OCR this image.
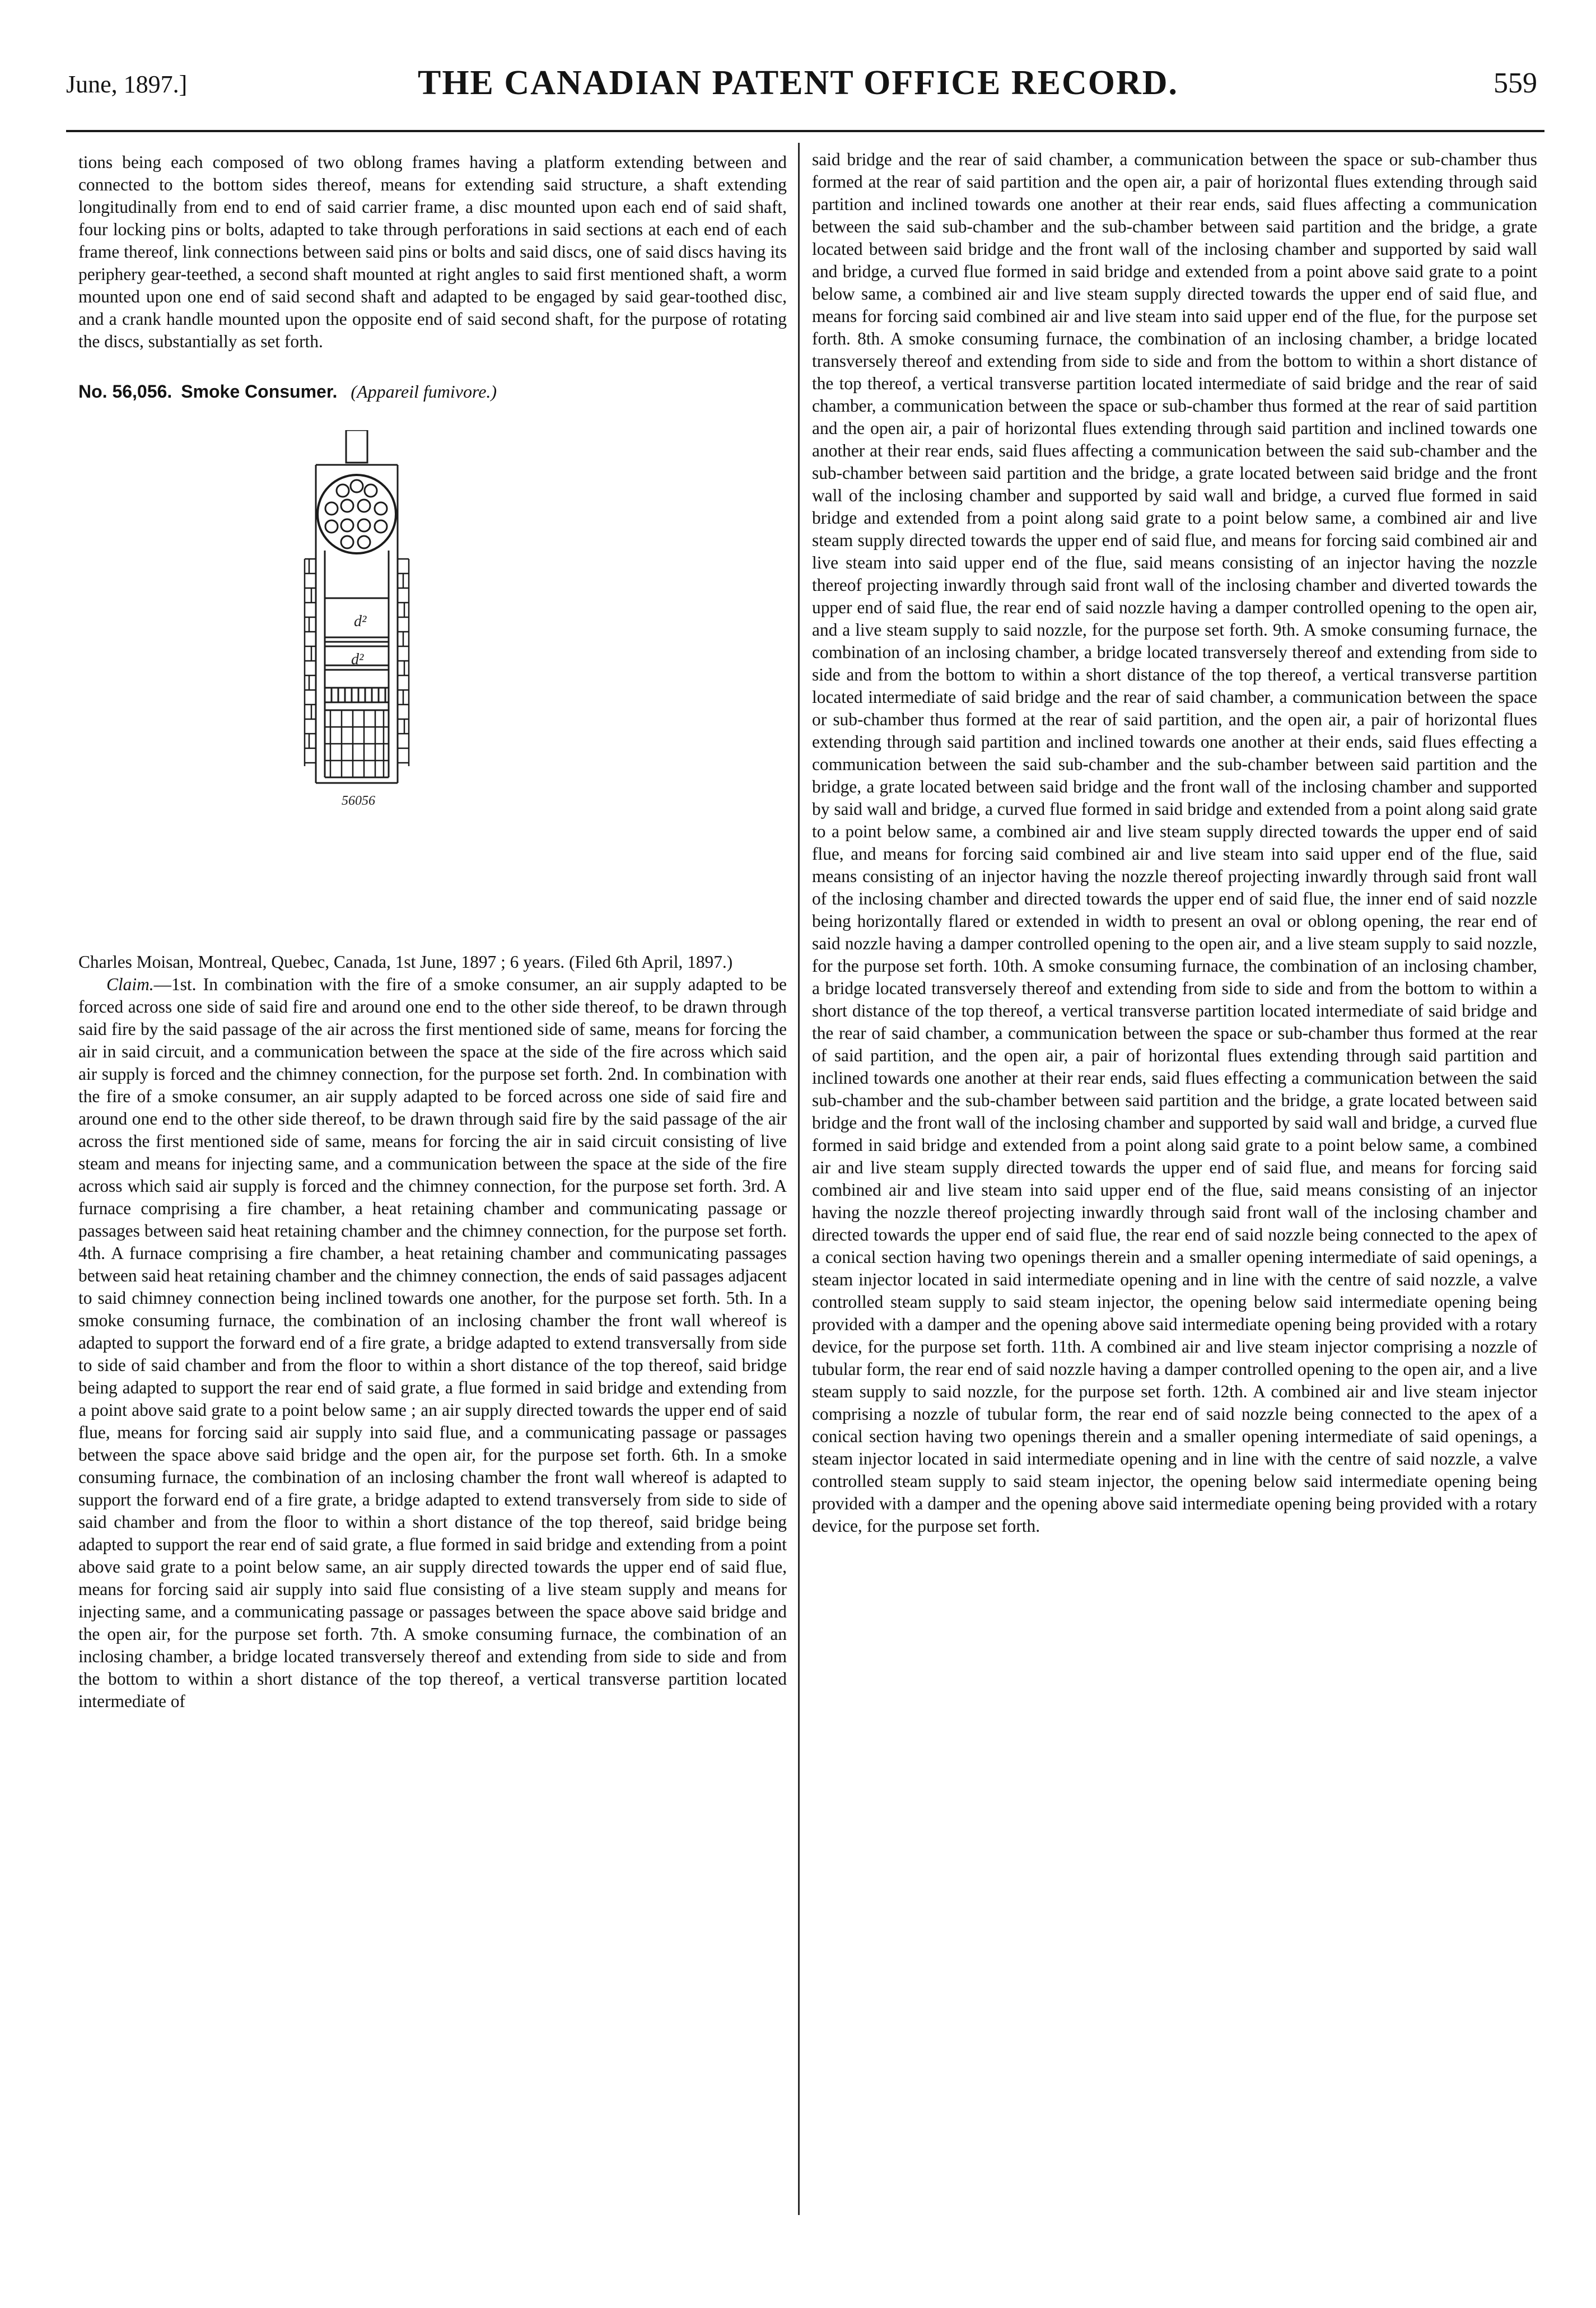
June, 1897.]	THE CANADIAN PATENT OFFICE RECORD.	559

tions being each composed of two oblong frames having a platform extending between and connected to the bottom sides thereof, means for extending said structure, a shaft extending longitudinally from end to end of said carrier frame, a disc mounted upon each end of said shaft, four locking pins or bolts, adapted to take through perforations in said sections at each end of each frame thereof, link connections between said pins or bolts and said discs, one of said discs having its periphery gear-teethed, a second shaft mounted at right angles to said first mentioned shaft, a worm mounted upon one end of said second shaft and adapted to be engaged by said gear-toothed disc, and a crank handle mounted upon the opposite end of said second shaft, for the purpose of rotating the discs, substantially as set forth.

No. 56,056. Smoke Consumer. (Appareil fumivore.)

d²
d²
56056

Charles Moisan, Montreal, Quebec, Canada, 1st June, 1897 ; 6 years. (Filed 6th April, 1897.)

Claim.—1st. In combination with the fire of a smoke consumer, an air supply adapted to be forced across one side of said fire and around one end to the other side thereof, to be drawn through said fire by the said passage of the air across the first mentioned side of same, means for forcing the air in said circuit, and a communication between the space at the side of the fire across which said air supply is forced and the chimney connection, for the purpose set forth. 2nd. In combination with the fire of a smoke consumer, an air supply adapted to be forced across one side of said fire and around one end to the other side thereof, to be drawn through said fire by the said passage of the air across the first mentioned side of same, means for forcing the air in said circuit consisting of live steam and means for injecting same, and a communication between the space at the side of the fire across which said air supply is forced and the chimney connection, for the purpose set forth. 3rd. A furnace comprising a fire chamber, a heat retaining chamber and communicating passage or passages between said heat retaining chamber and the chimney connection, for the purpose set forth. 4th. A furnace comprising a fire chamber, a heat retaining chamber and communicating passages between said heat retaining chamber and the chimney connection, the ends of said passages adjacent to said chimney connection being inclined towards one another, for the purpose set forth. 5th. In a smoke consuming furnace, the combination of an inclosing chamber the front wall whereof is adapted to support the forward end of a fire grate, a bridge adapted to extend transversally from side to side of said chamber and from the floor to within a short distance of the top thereof, said bridge being adapted to support the rear end of said grate, a flue formed in said bridge and extending from a point above said grate to a point below same ; an air supply directed towards the upper end of said flue, means for forcing said air supply into said flue, and a communicating passage or passages between the space above said bridge and the open air, for the purpose set forth. 6th. In a smoke consuming furnace, the combination of an inclosing chamber the front wall whereof is adapted to support the forward end of a fire grate, a bridge adapted to extend transversely from side to side of said chamber and from the floor to within a short distance of the top thereof, said bridge being adapted to support the rear end of said grate, a flue formed in said bridge and extending from a point above said grate to a point below same, an air supply directed towards the upper end of said flue, means for forcing said air supply into said flue consisting of a live steam supply and means for injecting same, and a communicating passage or passages between the space above said bridge and the open air, for the purpose set forth. 7th. A smoke consuming furnace, the combination of an inclosing chamber, a bridge located transversely thereof and extending from side to side and from the bottom to within a short distance of the top thereof, a vertical transverse partition located intermediate of

said bridge and the rear of said chamber, a communication between the space or sub-chamber thus formed at the rear of said partition and the open air, a pair of horizontal flues extending through said partition and inclined towards one another at their rear ends, said flues affecting a communication between the said sub-chamber and the sub-chamber between said partition and the bridge, a grate located between said bridge and the front wall of the inclosing chamber and supported by said wall and bridge, a curved flue formed in said bridge and extended from a point above said grate to a point below same, a combined air and live steam supply directed towards the upper end of said flue, and means for forcing said combined air and live steam into said upper end of the flue, for the purpose set forth. 8th. A smoke consuming furnace, the combination of an inclosing chamber, a bridge located transversely thereof and extending from side to side and from the bottom to within a short distance of the top thereof, a vertical transverse partition located intermediate of said bridge and the rear of said chamber, a communication between the space or sub-chamber thus formed at the rear of said partition and the open air, a pair of horizontal flues extending through said partition and inclined towards one another at their rear ends, said flues affecting a communication between the said sub-chamber and the sub-chamber between said partition and the bridge, a grate located between said bridge and the front wall of the inclosing chamber and supported by said wall and bridge, a curved flue formed in said bridge and extended from a point along said grate to a point below same, a combined air and live steam supply directed towards the upper end of said flue, and means for forcing said combined air and live steam into said upper end of the flue, said means consisting of an injector having the nozzle thereof projecting inwardly through said front wall of the inclosing chamber and diverted towards the upper end of said flue, the rear end of said nozzle having a damper controlled opening to the open air, and a live steam supply to said nozzle, for the purpose set forth. 9th. A smoke consuming furnace, the combination of an inclosing chamber, a bridge located transversely thereof and extending from side to side and from the bottom to within a short distance of the top thereof, a vertical transverse partition located intermediate of said bridge and the rear of said chamber, a communication between the space or sub-chamber thus formed at the rear of said partition, and the open air, a pair of horizontal flues extending through said partition and inclined towards one another at their ends, said flues effecting a communication between the said sub-chamber and the sub-chamber between said partition and the bridge, a grate located between said bridge and the front wall of the inclosing chamber and supported by said wall and bridge, a curved flue formed in said bridge and extended from a point along said grate to a point below same, a combined air and live steam supply directed towards the upper end of said flue, and means for forcing said combined air and live steam into said upper end of the flue, said means consisting of an injector having the nozzle thereof projecting inwardly through said front wall of the inclosing chamber and directed towards the upper end of said flue, the inner end of said nozzle being horizontally flared or extended in width to present an oval or oblong opening, the rear end of said nozzle having a damper controlled opening to the open air, and a live steam supply to said nozzle, for the purpose set forth. 10th. A smoke consuming furnace, the combination of an inclosing chamber, a bridge located transversely thereof and extending from side to side and from the bottom to within a short distance of the top thereof, a vertical transverse partition located intermediate of said bridge and the rear of said chamber, a communication between the space or sub-chamber thus formed at the rear of said partition, and the open air, a pair of horizontal flues extending through said partition and inclined towards one another at their rear ends, said flues effecting a communication between the said sub-chamber and the sub-chamber between said partition and the bridge, a grate located between said bridge and the front wall of the inclosing chamber and supported by said wall and bridge, a curved flue formed in said bridge and extended from a point along said grate to a point below same, a combined air and live steam supply directed towards the upper end of said flue, and means for forcing said combined air and live steam into said upper end of the flue, said means consisting of an injector having the nozzle thereof projecting inwardly through said front wall of the inclosing chamber and directed towards the upper end of said flue, the rear end of said nozzle being connected to the apex of a conical section having two openings therein and a smaller opening intermediate of said openings, a steam injector located in said intermediate opening and in line with the centre of said nozzle, a valve controlled steam supply to said steam injector, the opening below said intermediate opening being provided with a damper and the opening above said intermediate opening being provided with a rotary device, for the purpose set forth. 11th. A combined air and live steam injector comprising a nozzle of tubular form, the rear end of said nozzle having a damper controlled opening to the open air, and a live steam supply to said nozzle, for the purpose set forth. 12th. A combined air and live steam injector comprising a nozzle of tubular form, the rear end of said nozzle being connected to the apex of a conical section having two openings therein and a smaller opening intermediate of said openings, a steam injector located in said intermediate opening and in line with the centre of said nozzle, a valve controlled steam supply to said steam injector, the opening below said intermediate opening being provided with a damper and the opening above said intermediate opening being provided with a rotary device, for the purpose set forth.
